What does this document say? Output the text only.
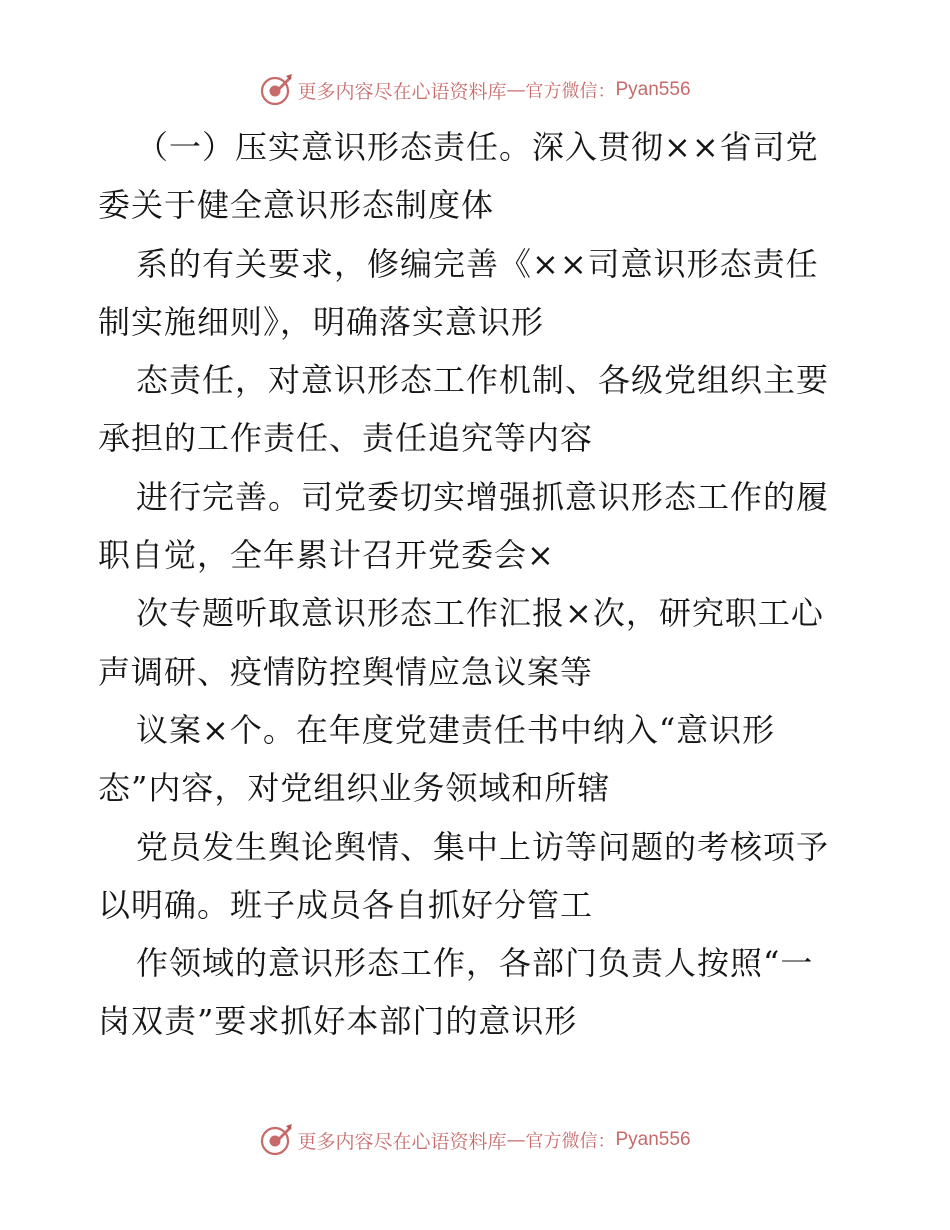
更多内容尽在心语资料库 — 官方微信： Pyan556
（一）压实意识形态责任。深入贯彻××省司党
委关于健全意识形态制度体
系的有关要求，修编完善《××司意识形态责任
制实施细则》，明确落实意识形
态责任，对意识形态工作机制、各级党组织主要
承担的工作责任、责任追究等内容
进行完善。司党委切实增强抓意识形态工作的履
职自觉，全年累计召开党委会×
次专题听取意识形态工作汇报×次，研究职工心
声调研、疫情防控舆情应急议案等
议案×个。在年度党建责任书中纳入“意识形
态”内容，对党组织业务领域和所辖
党员发生舆论舆情、集中上访等问题的考核项予
以明确。班子成员各自抓好分管工
作领域的意识形态工作，各部门负责人按照“一
岗双责”要求抓好本部门的意识形
更多内容尽在心语资料库 — 官方微信： Pyan556
